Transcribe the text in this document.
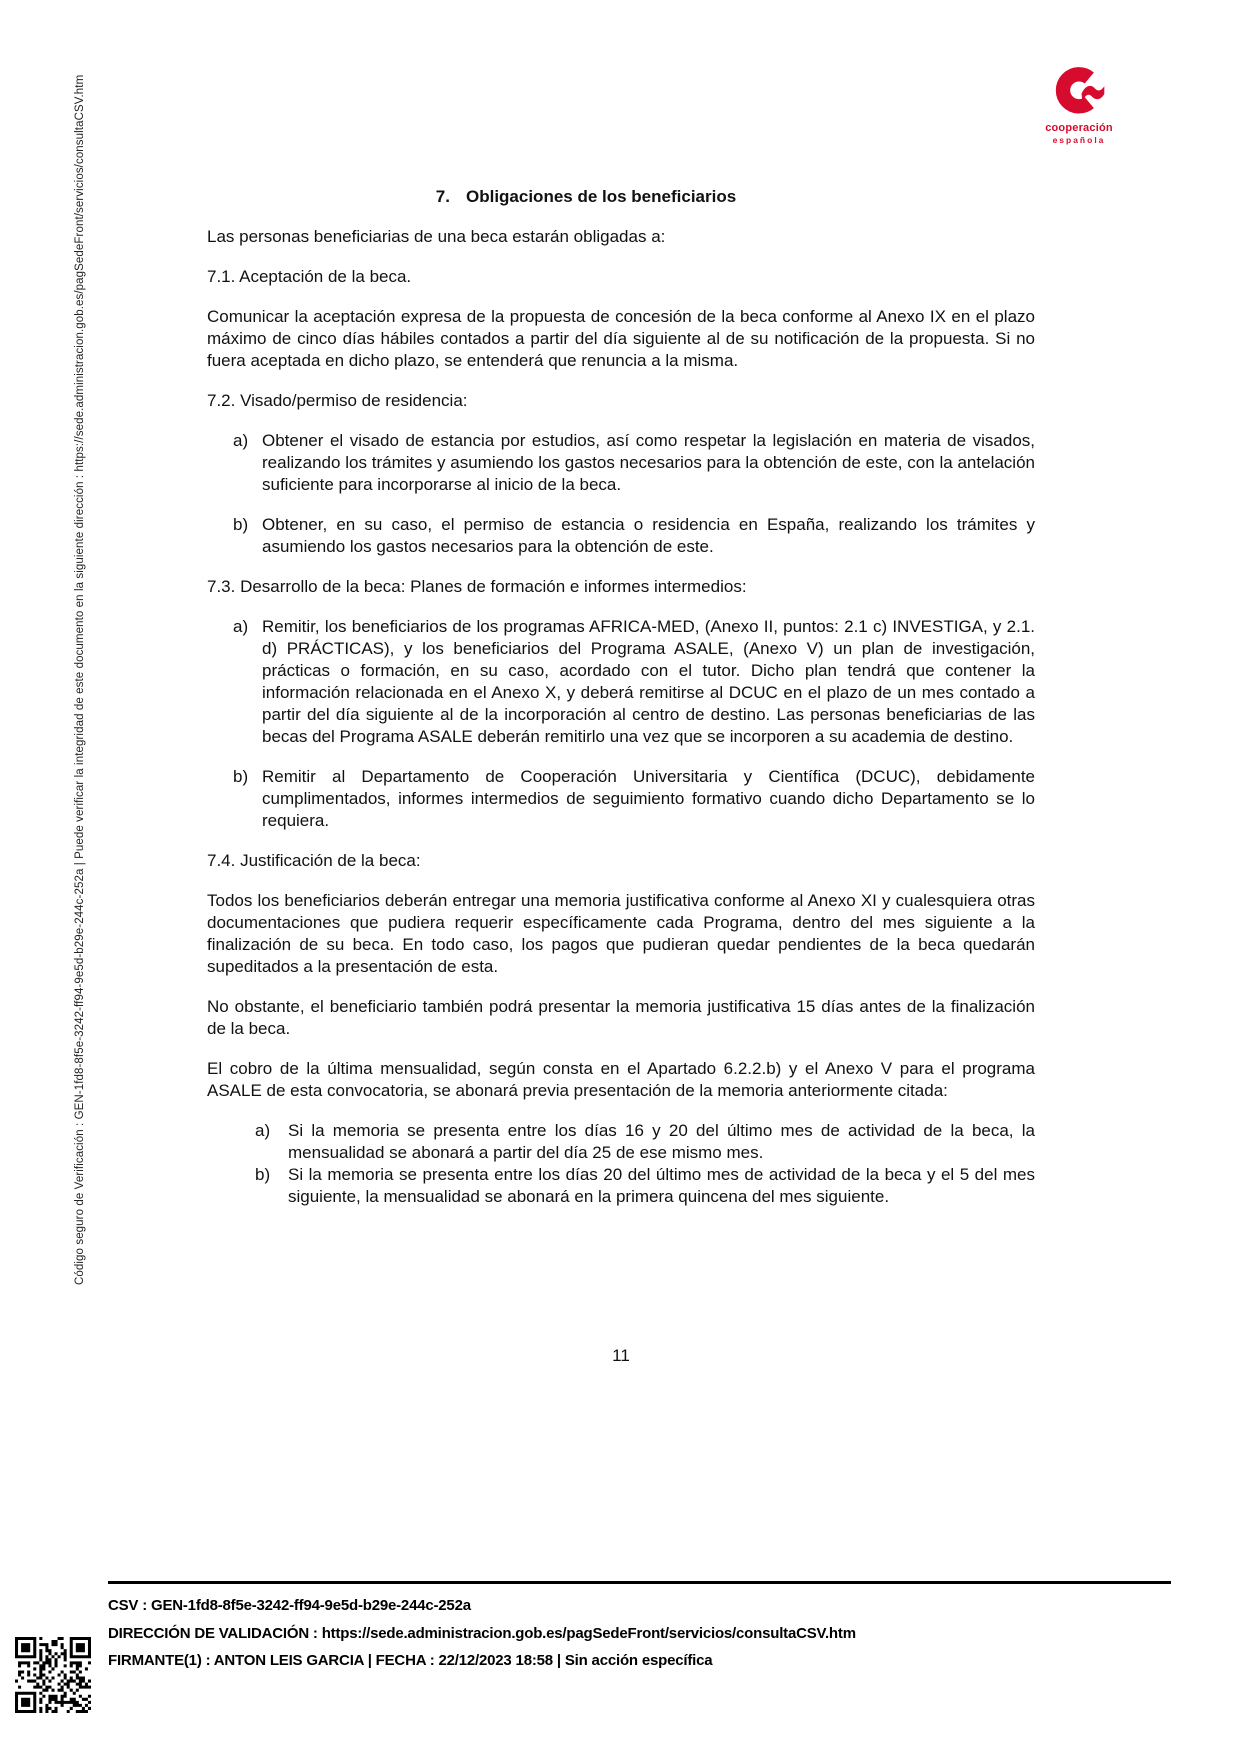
Código seguro de Verificación : GEN-1fd8-8f5e-3242-ff94-9e5d-b29e-244c-252a | Puede verificar la integridad de este documento en la siguiente dirección : https://sede.administracion.gob.es/pagSedeFront/servicios/consultaCSV.htm	cooperación
española
7. Obligaciones de los beneficiarios
Las personas beneficiarias de una beca estarán obligadas a:
7.1. Aceptación de la beca.
Comunicar la aceptación expresa de la propuesta de concesión de la beca conforme al Anexo IX en el plazo máximo de cinco días hábiles contados a partir del día siguiente al de su notificación de la propuesta. Si no fuera aceptada en dicho plazo, se entenderá que renuncia a la misma.
7.2. Visado/permiso de residencia:
a) Obtener el visado de estancia por estudios, así como respetar la legislación en materia de visados, realizando los trámites y asumiendo los gastos necesarios para la obtención de este, con la antelación suficiente para incorporarse al inicio de la beca.
b) Obtener, en su caso, el permiso de estancia o residencia en España, realizando los trámites y asumiendo los gastos necesarios para la obtención de este.
7.3. Desarrollo de la beca: Planes de formación e informes intermedios:
a) Remitir, los beneficiarios de los programas AFRICA-MED, (Anexo II, puntos: 2.1 c) INVESTIGA, y 2.1. d) PRÁCTICAS), y los beneficiarios del Programa ASALE, (Anexo V) un plan de investigación, prácticas o formación, en su caso, acordado con el tutor. Dicho plan tendrá que contener la información relacionada en el Anexo X, y deberá remitirse al DCUC en el plazo de un mes contado a partir del día siguiente al de la incorporación al centro de destino. Las personas beneficiarias de las becas del Programa ASALE deberán remitirlo una vez que se incorporen a su academia de destino.
b) Remitir al Departamento de Cooperación Universitaria y Científica (DCUC), debidamente cumplimentados, informes intermedios de seguimiento formativo cuando dicho Departamento se lo requiera.
7.4. Justificación de la beca:
Todos los beneficiarios deberán entregar una memoria justificativa conforme al Anexo XI y cualesquiera otras documentaciones que pudiera requerir específicamente cada Programa, dentro del mes siguiente a la finalización de su beca. En todo caso, los pagos que pudieran quedar pendientes de la beca quedarán supeditados a la presentación de esta.
No obstante, el beneficiario también podrá presentar la memoria justificativa 15 días antes de la finalización de la beca.
El cobro de la última mensualidad, según consta en el Apartado 6.2.2.b) y el Anexo V para el programa ASALE de esta convocatoria, se abonará previa presentación de la memoria anteriormente citada:
a)	Si la memoria se presenta entre los días 16 y 20 del último mes de actividad de la beca, la mensualidad se abonará a partir del día 25 de ese mismo mes.
b)	Si la memoria se presenta entre los días 20 del último mes de actividad de la beca y el 5 del mes siguiente, la mensualidad se abonará en la primera quincena del mes siguiente.
11
CSV : GEN-1fd8-8f5e-3242-ff94-9e5d-b29e-244c-252a
DIRECCIÓN DE VALIDACIÓN : https://sede.administracion.gob.es/pagSedeFront/servicios/consultaCSV.htm
FIRMANTE(1) : ANTON LEIS GARCIA | FECHA : 22/12/2023 18:58 | Sin acción específica
